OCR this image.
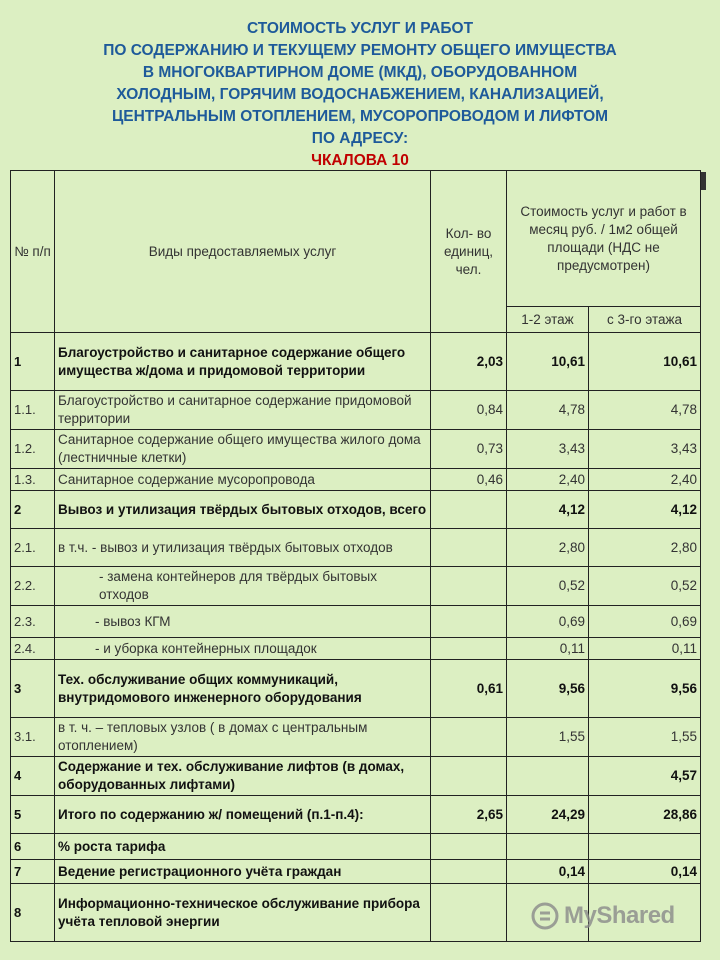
СТОИМОСТЬ УСЛУГ И РАБОТ
ПО СОДЕРЖАНИЮ И ТЕКУЩЕМУ РЕМОНТУ ОБЩЕГО ИМУЩЕСТВА
В МНОГОКВАРТИРНОМ ДОМЕ (МКД), ОБОРУДОВАННОМ
ХОЛОДНЫМ, ГОРЯЧИМ ВОДОСНАБЖЕНИЕМ, КАНАЛИЗАЦИЕЙ,
ЦЕНТРАЛЬНЫМ ОТОПЛЕНИЕМ, МУСОРОПРОВОДОМ И ЛИФТОМ
ПО АДРЕСУ:
ЧКАЛОВА 10
№ п/п	Виды предоставляемых услуг	Кол- во единиц, чел.	Стоимость услуг и работ в месяц руб. / 1м2 общей площади (НДС не предусмотрен)	
			1-2 этаж	с 3-го этажа
1	Благоустройство и санитарное содержание общего имущества ж/дома и придомовой территории	2,03	10,61	10,61
1.1.	Благоустройство и санитарное содержание придомовой территории	0,84	4,78	4,78
1.2.	Санитарное содержание общего имущества жилого дома (лестничные клетки)	0,73	3,43	3,43
1.3.	Санитарное содержание мусоропровода	0,46	2,40	2,40
2	Вывоз и утилизация твёрдых бытовых отходов, всего		4,12	4,12
2.1.	в т.ч. - вывоз и утилизация твёрдых бытовых отходов		2,80	2,80
2.2.	- замена контейнеров для твёрдых бытовых отходов		0,52	0,52
2.3.	- вывоз КГМ		0,69	0,69
2.4.	- и уборка контейнерных площадок		0,11	0,11
3	Тех. обслуживание общих коммуникаций, внутридомового инженерного оборудования	0,61	9,56	9,56
3.1.	в т. ч. – тепловых узлов ( в домах с центральным отоплением)		1,55	1,55
4	Содержание и тех. обслуживание лифтов (в домах, оборудованных лифтами)			4,57
5	Итого по содержанию ж/ помещений (п.1-п.4):	2,65	24,29	28,86
6	% роста тарифа			
7	Ведение регистрационного учёта граждан		0,14	0,14
8	Информационно-техническое обслуживание прибора учёта тепловой энергии				MyShared
